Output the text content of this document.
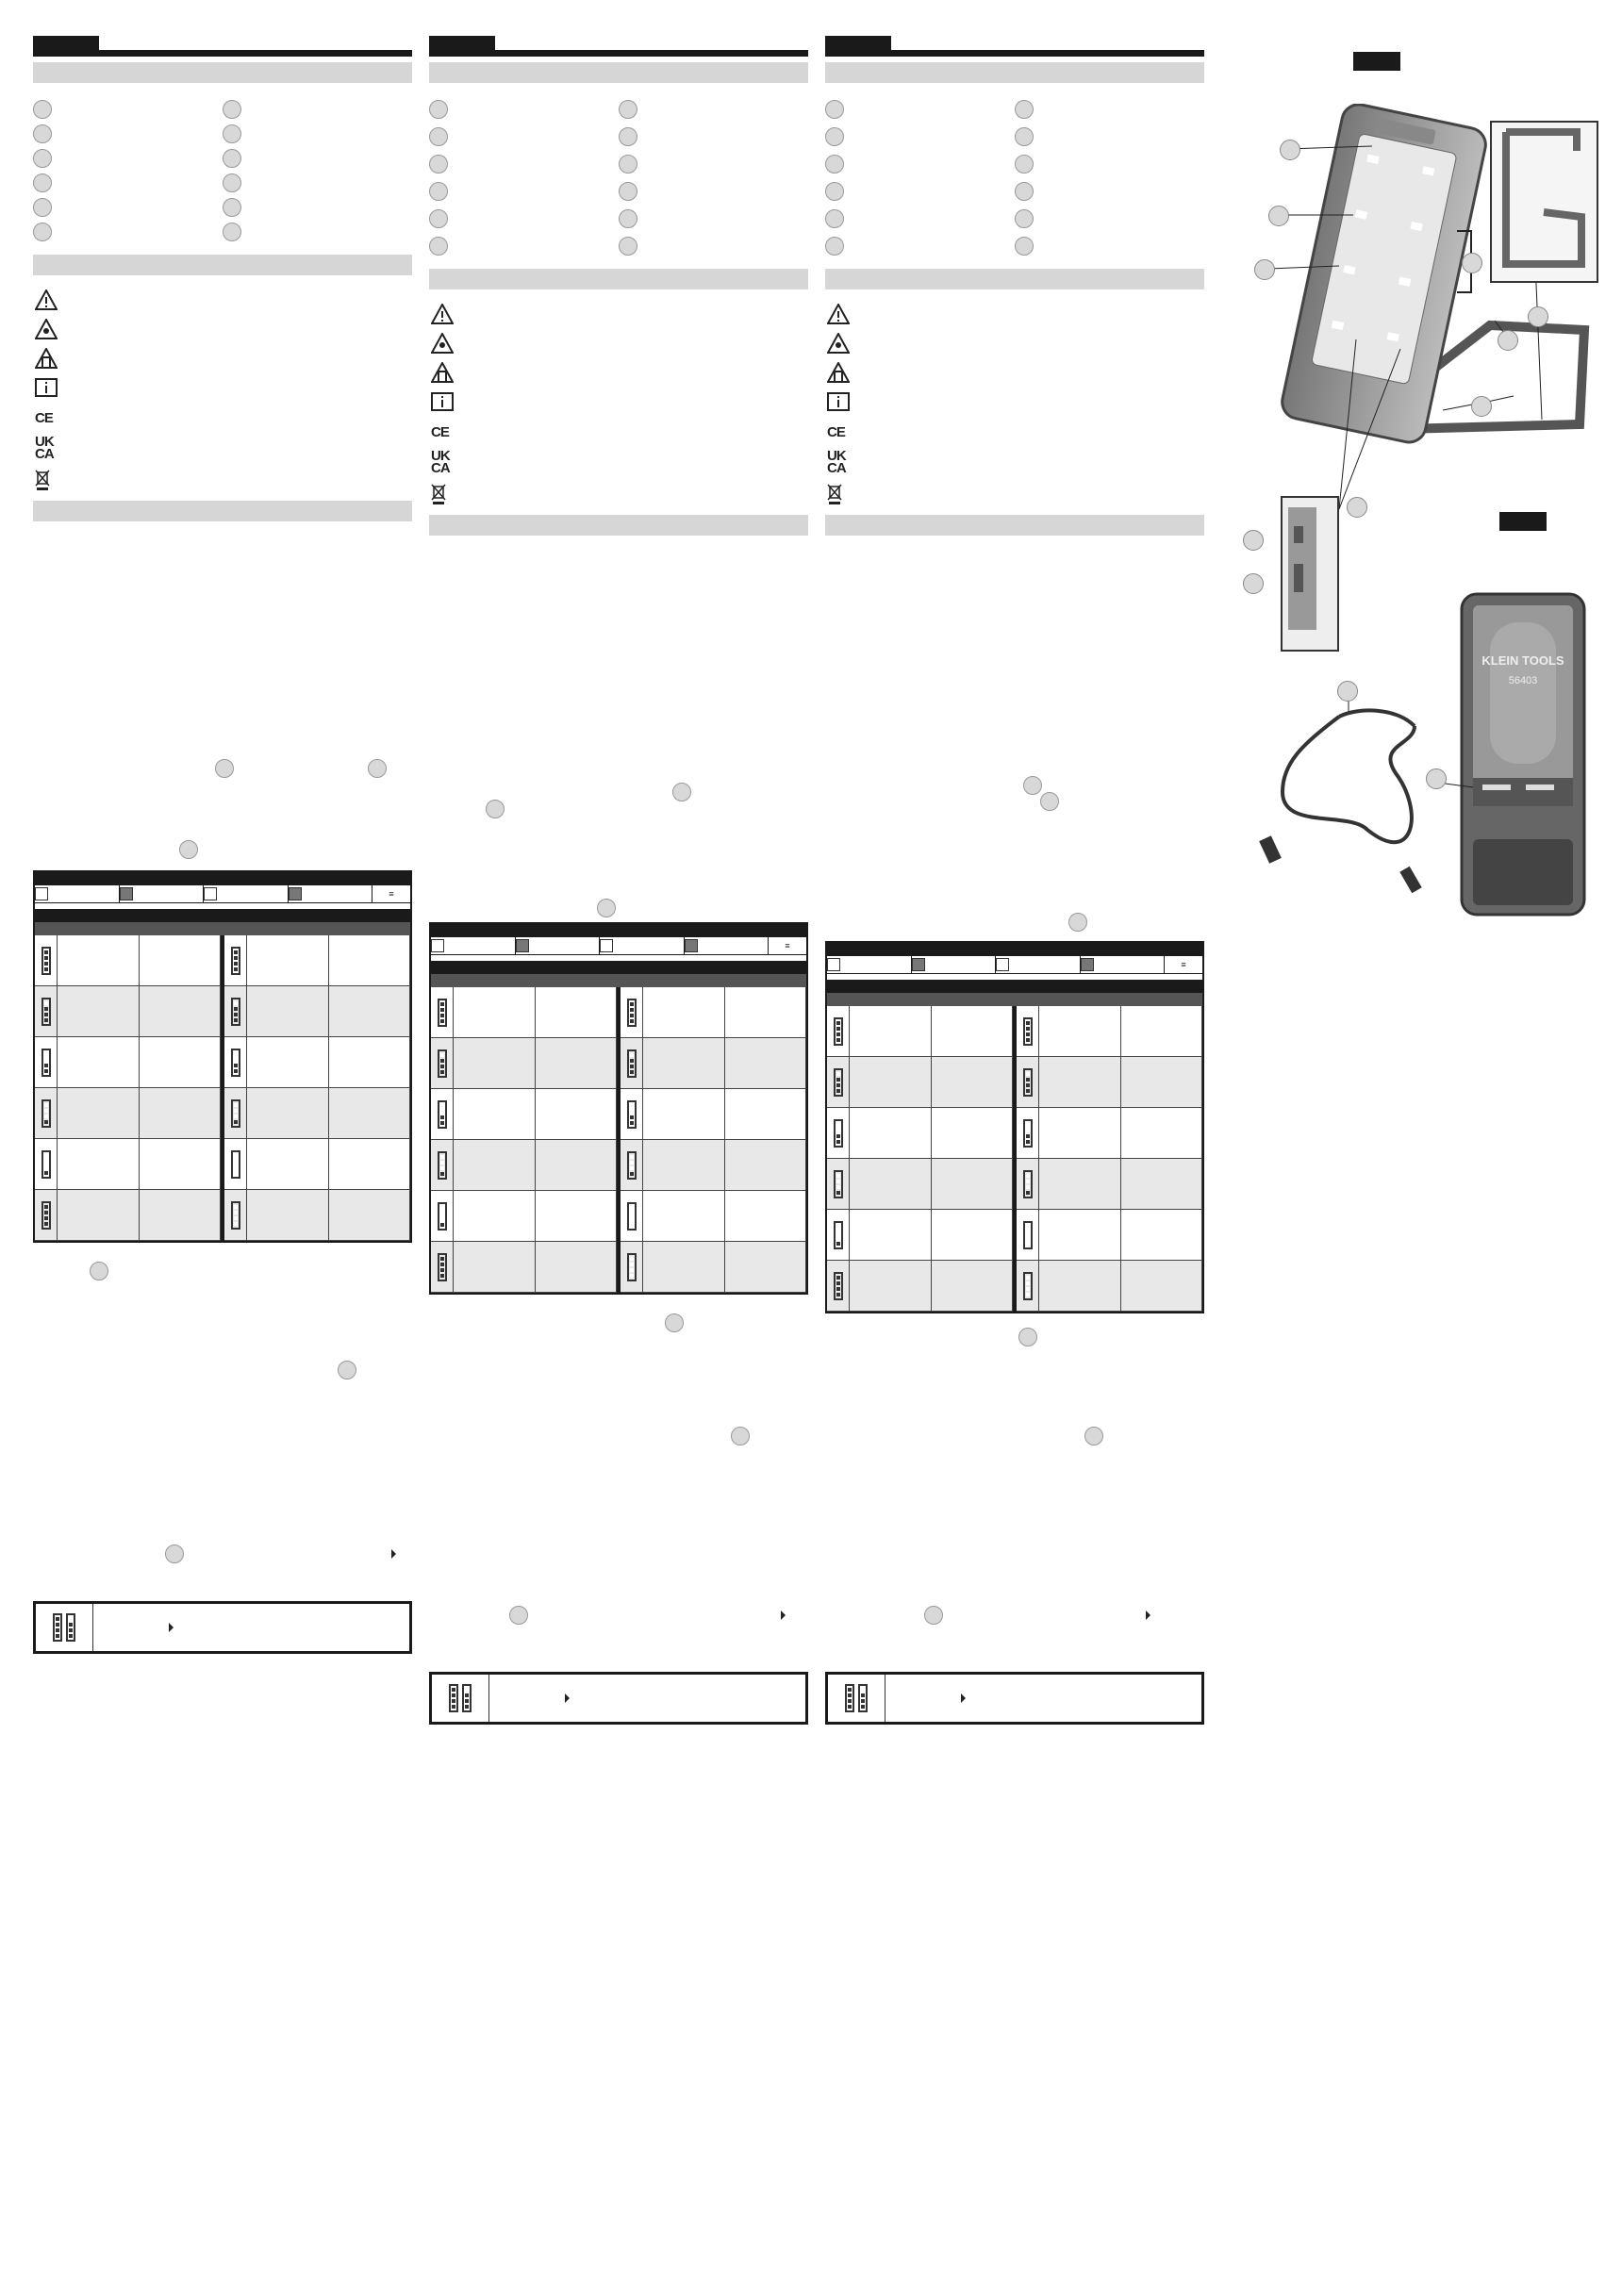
CE
UK
CA
≡
CE
UK
CA
≡
CE
UK
CA
≡
KLEIN TOOLS
56403
